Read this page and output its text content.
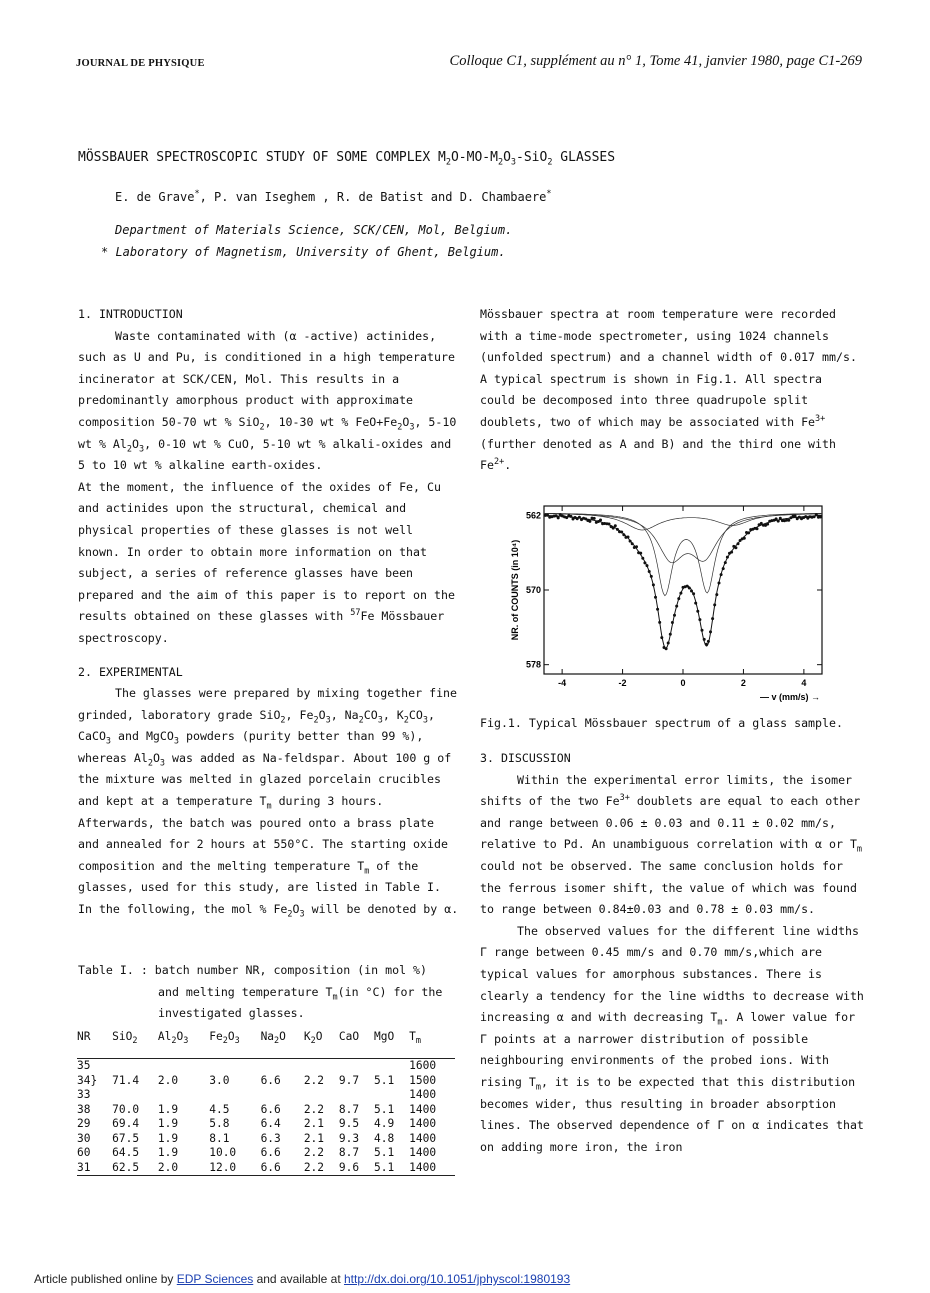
JOURNAL DE PHYSIQUE	Colloque C1, supplément au n° 1, Tome 41, janvier 1980, page C1-269
MÖSSBAUER SPECTROSCOPIC STUDY OF SOME COMPLEX $M_2O-MO-M_2O_3-SiO_2$ GLASSES
E. de Grave*, P. van Iseghem , R. de Batist and D. Chambaere*
Department of Materials Science, SCK/CEN, Mol, Belgium.
* Laboratory of Magnetism, University of Ghent, Belgium.

1. INTRODUCTION

Waste contaminated with (α -active) actinides, such as U and Pu, is conditioned in a high temperature incinerator at SCK/CEN, Mol. This results in a predominantly amorphous product with approximate composition 50-70 wt % SiO$_2$, 10-30 wt % $FeO+Fe_2O_3$, 5-10 wt % $Al_2O_3$, 0-10 wt % CuO, 5-10 wt % alkali-oxides and 5 to 10 wt % alkaline earth-oxides.

At the moment, the influence of the oxides of Fe, Cu and actinides upon the structural, chemical and physical properties of these glasses is not well known. In order to obtain more information on that subject, a series of reference glasses have been prepared and the aim of this paper is to report on the results obtained on these glasses with $^{57}$Fe Mössbauer spectroscopy.

2. EXPERIMENTAL

The glasses were prepared by mixing together fine grinded, laboratory grade SiO$_2$, $Fe_2O_3$, $Na_2CO_3$, $K_2CO_3$, CaCO$_3$ and MgCO$_3$ powders (purity better than 99 %), whereas $Al_2O_3$ was added as Na-feldspar. About 100 g of the mixture was melted in glazed porcelain crucibles and kept at a temperature $T_m$ during 3 hours. Afterwards, the batch was poured onto a brass plate and annealed for 2 hours at 550°C. The starting oxide composition and the melting temperature $T_m$ of the glasses, used for this study, are listed in Table I. In the following, the mol % $Fe_2O_3$ will be denoted by α.

Table I. : batch number NR, composition (in mol %)
and melting temperature $T_m(in$ °C) for the
investigated glasses.
NR	SiO$_2$	$Al_2O_3$	$Fe_2O_3$	$Na_2O$	$K_2O$	CaO	MgO	$T_m$
35								1600
34}	71.4	2.0	3.0	6.6	2.2	9.7	5.1	1500
33								1400
38	70.0	1.9	4.5	6.6	2.2	8.7	5.1	1400
29	69.4	1.9	5.8	6.4	2.1	9.5	4.9	1400
30	67.5	1.9	8.1	6.3	2.1	9.3	4.8	1400
60	64.5	1.9	10.0	6.6	2.2	8.7	5.1	1400
31	62.5	2.0	12.0	6.6	2.2	9.6	5.1	1400

Mössbauer spectra at room temperature were recorded with a time-mode spectrometer, using 1024 channels (unfolded spectrum) and a channel width of 0.017 mm/s. A typical spectrum is shown in Fig.1. All spectra could be decomposed into three quadrupole split doublets, two of which may be associated with $Fe^{3+}$ (further denoted as A and B) and the third one with $Fe^{2+}$.

578
570
562
-4	-2	0	2	4
NR. of COUNTS (in 10⁴)
— v (mm/s) →
Fig.1. Typical Mössbauer spectrum of a glass sample.

3. DISCUSSION

Within the experimental error limits, the isomer shifts of the two $Fe^{3+}$ doublets are equal to each other and range between 0.06 ± 0.03 and 0.11 ± 0.02 mm/s, relative to Pd. An unambiguous correlation with α or $T_m$ could not be observed. The same conclusion holds for the ferrous isomer shift, the value of which was found to range between 0.84±0.03 and 0.78 ± 0.03 mm/s.

The observed values for the different line widths Γ range between 0.45 mm/s and 0.70 mm/s,which are typical values for amorphous substances. There is clearly a tendency for the line widths to decrease with increasing α and with decreasing $T_m$. A lower value for Γ points at a narrower distribution of possible neighbouring environments of the probed ions. With rising $T_m$, it is to be expected that this distribution becomes wider, thus resulting in broader absorption lines. The observed dependence of Γ on α indicates that on adding more iron, the iron

Article published online by EDP Sciences and available at http://dx.doi.org/10.1051/jphyscol:1980193
